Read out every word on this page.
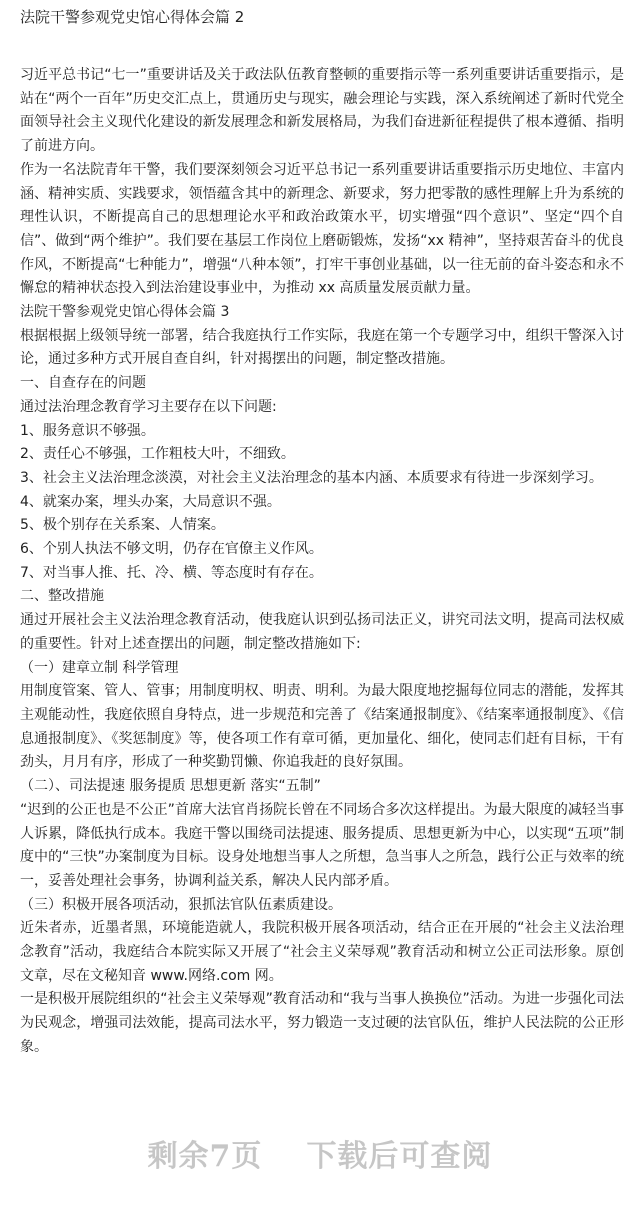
法院干警参观党史馆心得体会篇 2

习近平总书记“七一”重要讲话及关于政法队伍教育整顿的重要指示等一系列重要讲话重要指示，是站在“两个一百年”历史交汇点上，贯通历史与现实，融会理论与实践，深入系统阐述了新时代党全面领导社会主义现代化建设的新发展理念和新发展格局，为我们奋进新征程提供了根本遵循、指明了前进方向。

作为一名法院青年干警，我们要深刻领会习近平总书记一系列重要讲话重要指示历史地位、丰富内涵、精神实质、实践要求，领悟蕴含其中的新理念、新要求，努力把零散的感性理解上升为系统的理性认识，不断提高自己的思想理论水平和政治政策水平，切实增强“四个意识”、坚定“四个自信”、做到“两个维护”。我们要在基层工作岗位上磨砺锻炼，发扬“xx 精神”，坚持艰苦奋斗的优良作风，不断提高“七种能力”，增强“八种本领”，打牢干事创业基础，以一往无前的奋斗姿态和永不懈怠的精神状态投入到法治建设事业中，为推动 xx 高质量发展贡献力量。

法院干警参观党史馆心得体会篇 3

根据根据上级领导统一部署，结合我庭执行工作实际，我庭在第一个专题学习中，组织干警深入讨论，通过多种方式开展自查自纠，针对揭摆出的问题，制定整改措施。

一、自查存在的问题

通过法治理念教育学习主要存在以下问题:

1、服务意识不够强。

2、责任心不够强，工作粗枝大叶，不细致。

3、社会主义法治理念淡漠，对社会主义法治理念的基本内涵、本质要求有待进一步深刻学习。

4、就案办案，埋头办案，大局意识不强。

5、极个别存在关系案、人情案。

6、个别人执法不够文明，仍存在官僚主义作风。

7、对当事人推、托、冷、横、等态度时有存在。

二、整改措施

通过开展社会主义法治理念教育活动，使我庭认识到弘扬司法正义，讲究司法文明，提高司法权威的重要性。针对上述查摆出的问题，制定整改措施如下:

（一）建章立制 科学管理

用制度管案、管人、管事；用制度明权、明责、明利。为最大限度地挖掘每位同志的潜能，发挥其主观能动性，我庭依照自身特点，进一步规范和完善了《结案通报制度》、《结案率通报制度》、《信息通报制度》、《奖惩制度》等，使各项工作有章可循，更加量化、细化，使同志们赶有目标，干有劲头，月月有序，形成了一种奖勤罚懒、你追我赶的良好氛围。

（二）、司法提速 服务提质 思想更新 落实“五制”

“迟到的公正也是不公正”首席大法官肖扬院长曾在不同场合多次这样提出。为最大限度的减轻当事人诉累，降低执行成本。我庭干警以围绕司法提速、服务提质、思想更新为中心，以实现“五项”制度中的“三快”办案制度为目标。设身处地想当事人之所想，急当事人之所急，践行公正与效率的统一，妥善处理社会事务，协调利益关系，解决人民内部矛盾。

（三）积极开展各项活动，狠抓法官队伍素质建设。

近朱者赤，近墨者黑，环境能造就人，我院积极开展各项活动，结合正在开展的“社会主义法治理念教育”活动，我庭结合本院实际又开展了“社会主义荣辱观”教育活动和树立公正司法形象。原创文章，尽在文秘知音 www.网络.com 网。

一是积极开展院组织的“社会主义荣辱观”教育活动和“我与当事人换换位”活动。为进一步强化司法为民观念，增强司法效能，提高司法水平，努力锻造一支过硬的法官队伍，维护人民法院的公正形象。

剩余7页 下载后可查阅
